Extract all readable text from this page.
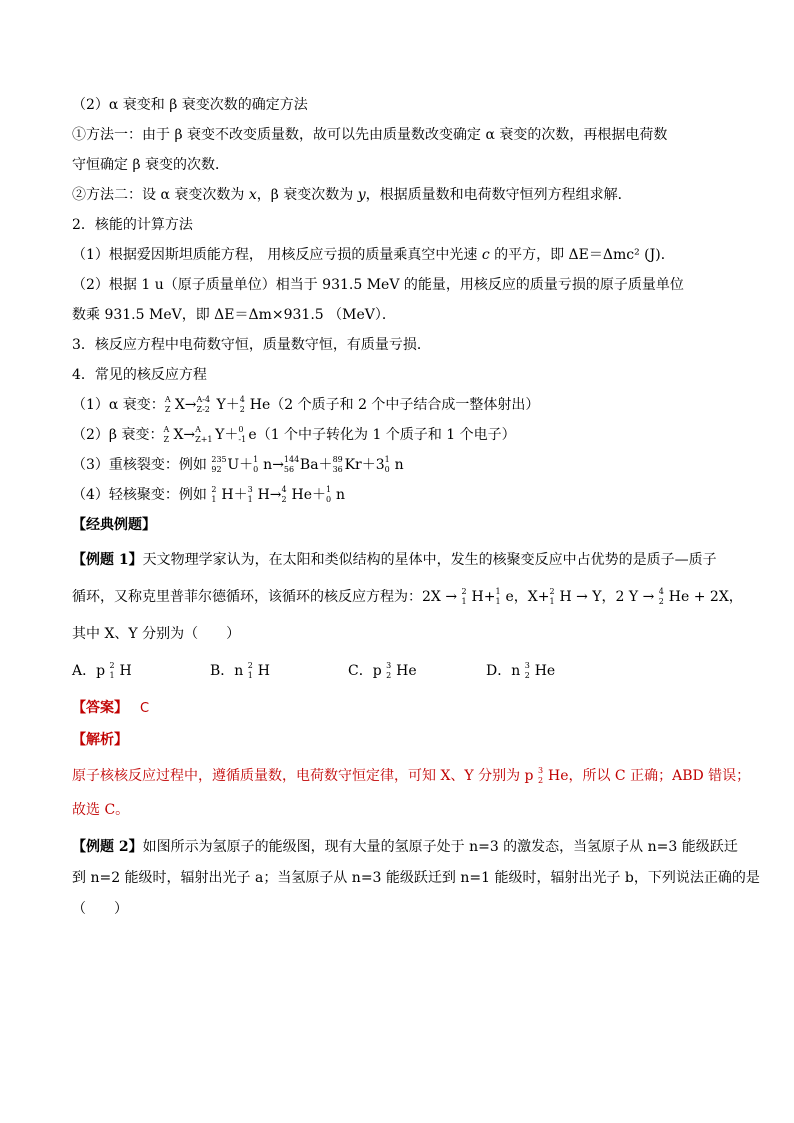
（2）α 衰变和 β 衰变次数的确定方法
①方法一：由于 β 衰变不改变质量数，故可以先由质量数改变确定 α 衰变的次数，再根据电荷数
守恒确定 β 衰变的次数．
②方法二：设 α 衰变次数为 x，β 衰变次数为 y，根据质量数和电荷数守恒列方程组求解．
2．核能的计算方法
（1）根据爱因斯坦质能方程， 用核反应亏损的质量乘真空中光速 c 的平方，即 ΔE＝Δmc² (J)．
（2）根据 1 u（原子质量单位）相当于 931.5 MeV 的能量，用核反应的质量亏损的原子质量单位
数乘 931.5 MeV，即 ΔE＝Δm×931.5 （MeV）．
3．核反应方程中电荷数守恒，质量数守恒，有质量亏损．
4．常见的核反应方程
（1）α 衰变： A
Z X→ A-4
Z-2 Y＋ 4
2 He（2 个质子和 2 个中子结合成一整体射出）
（2）β 衰变： A
Z X→ A
Z+1 Y＋ 0
-1 e（1 个中子转化为 1 个质子和 1 个电子）
（3）重核裂变：例如 235
92 U＋ 1
0 n→ 144
56 Ba＋ 89
36 Kr＋3 1
0 n
（4）轻核聚变：例如 2
1 H＋ 3
1 H→ 4
2 He＋ 1
0 n
【经典例题】
【例题 1】天文物理学家认为，在太阳和类似结构的星体中，发生的核聚变反应中占优势的是质子—质子
循环，又称克里普菲尔德循环，该循环的核反应方程为：2X → 2
1 H+ 1
1 e，X+ 2
1 H → Y，2 Y → 4
2 He + 2X，
其中 X、Y 分别为（　　）
A．p 2
1 H	B．n 2
1 H	C．p 3
2 He	D．n 3
2 He
【答案】 C
【解析】
原子核核反应过程中，遵循质量数，电荷数守恒定律，可知 X、Y 分别为 p 3
2 He，所以 C 正确；ABD 错误；
故选 C。
【例题 2】如图所示为氢原子的能级图，现有大量的氢原子处于 n=3 的激发态，当氢原子从 n=3 能级跃迁
到 n=2 能级时，辐射出光子 a；当氢原子从 n=3 能级跃迁到 n=1 能级时，辐射出光子 b，下列说法正确的是
（　　）
